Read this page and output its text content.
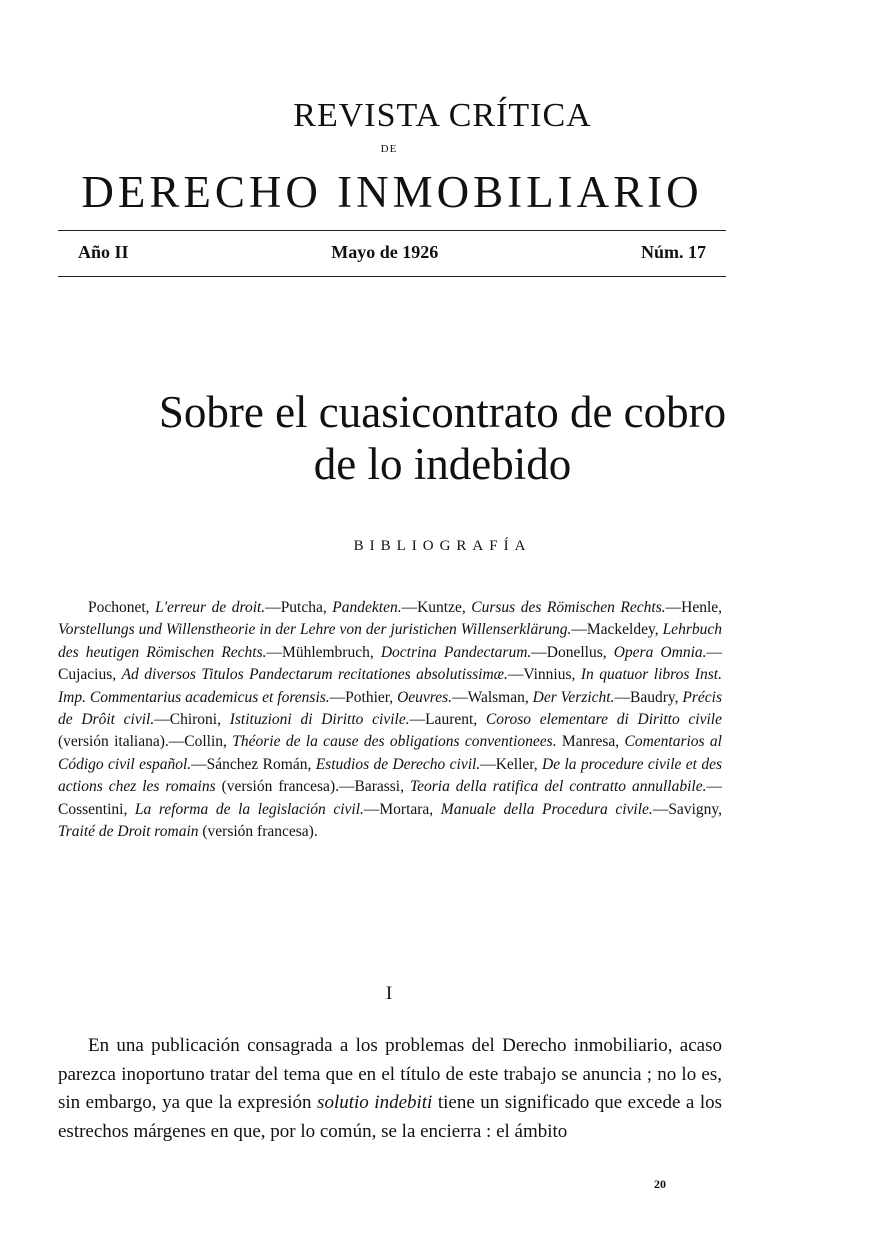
REVISTA CRÍTICA
DE
DERECHO INMOBILIARIO
Año II	Mayo de 1926	Núm. 17
Sobre el cuasicontrato de cobro
de lo indebido
BIBLIOGRAFÍA
Pochonet, L'erreur de droit.—Putcha, Pandekten.—Kuntze, Cursus des Römischen Rechts.—Henle, Vorstellungs und Willenstheorie in der Lehre von der juristichen Willenserklärung.—Mackeldey, Lehrbuch des heutigen Römischen Rechts.—Mühlembruch, Doctrina Pandectarum.—Donellus, Opera Omnia.—Cujacius, Ad diversos Titulos Pandectarum recitationes absolutissimæ.—Vinnius, In quatuor libros Inst. Imp. Commentarius academicus et forensis.—Pothier, Oeuvres.—Walsman, Der Verzicht.—Baudry, Précis de Drôit civil.—Chironi, Istituzioni di Diritto civile.—Laurent, Coroso elementare di Diritto civile (versión italiana).—Collin, Théorie de la cause des obligations conventionees. Manresa, Comentarios al Código civil español.—Sánchez Román, Estudios de Derecho civil.—Keller, De la procedure civile et des actions chez les romains (versión francesa).—Barassi, Teoria della ratifica del contratto annullabile.—Cossentini, La reforma de la legislación civil.—Mortara, Manuale della Procedura civile.—Savigny, Traité de Droit romain (versión francesa).
I
En una publicación consagrada a los problemas del Derecho inmobiliario, acaso parezca inoportuno tratar del tema que en el título de este trabajo se anuncia ; no lo es, sin embargo, ya que la expresión solutio indebiti tiene un significado que excede a los estrechos márgenes en que, por lo común, se la encierra : el ámbito
20
